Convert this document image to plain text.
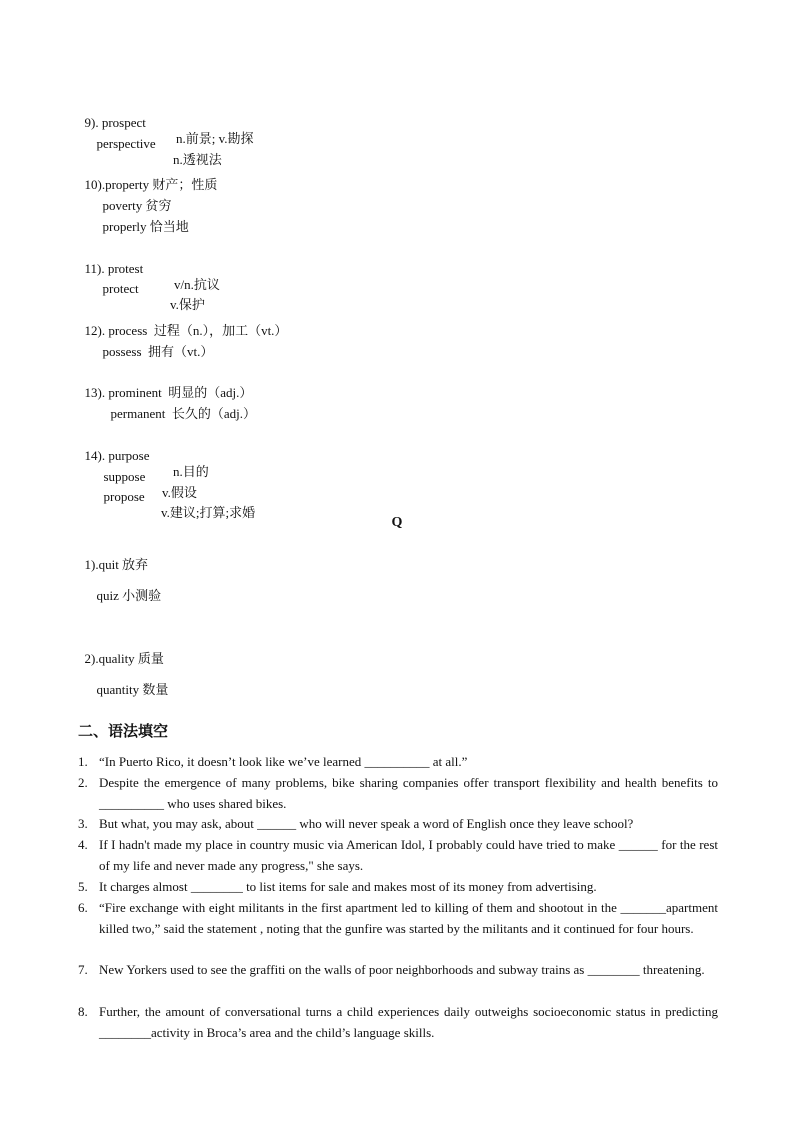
9). prospect

n.前景; v.勘探

perspective

n.透视法

10).property 财产；性质

poverty 贫穷

properly 恰当地

11). protest

v/n.抗议

protect

v.保护

12). process  过程（n.），加工（vt.）

possess  拥有（vt.）

13). prominent  明显的（adj.）

permanent  长久的（adj.）

14). purpose

n.目的

suppose

v.假设

propose

v.建议;打算;求婚

Q

1).quit 放弃

quiz 小测验

2).quality 质量

quantity 数量

二、语法填空
1. “In Puerto Rico, it doesn’t look like we’ve learned __________ at all.”
2. Despite the emergence of many problems, bike sharing companies offer transport flexibility and health benefits to __________ who uses shared bikes.
3. But what, you may ask, about ______ who will never speak a word of English once they leave school?
4. If I hadn't made my place in country music via American Idol, I probably could have tried to make ______ for the rest of my life and never made any progress," she says.
5. It charges almost ________ to list items for sale and makes most of its money from advertising.
6. “Fire exchange with eight militants in the first apartment led to killing of them and shootout in the _______apartment killed two,” said the statement , noting that the gunfire was started by the militants and it continued for four hours.
7. New Yorkers used to see the graffiti on the walls of poor neighborhoods and subway trains as ________ threatening.
8. Further, the amount of conversational turns a child experiences daily outweighs socioeconomic status in predicting ________activity in Broca’s area and the child’s language skills.
